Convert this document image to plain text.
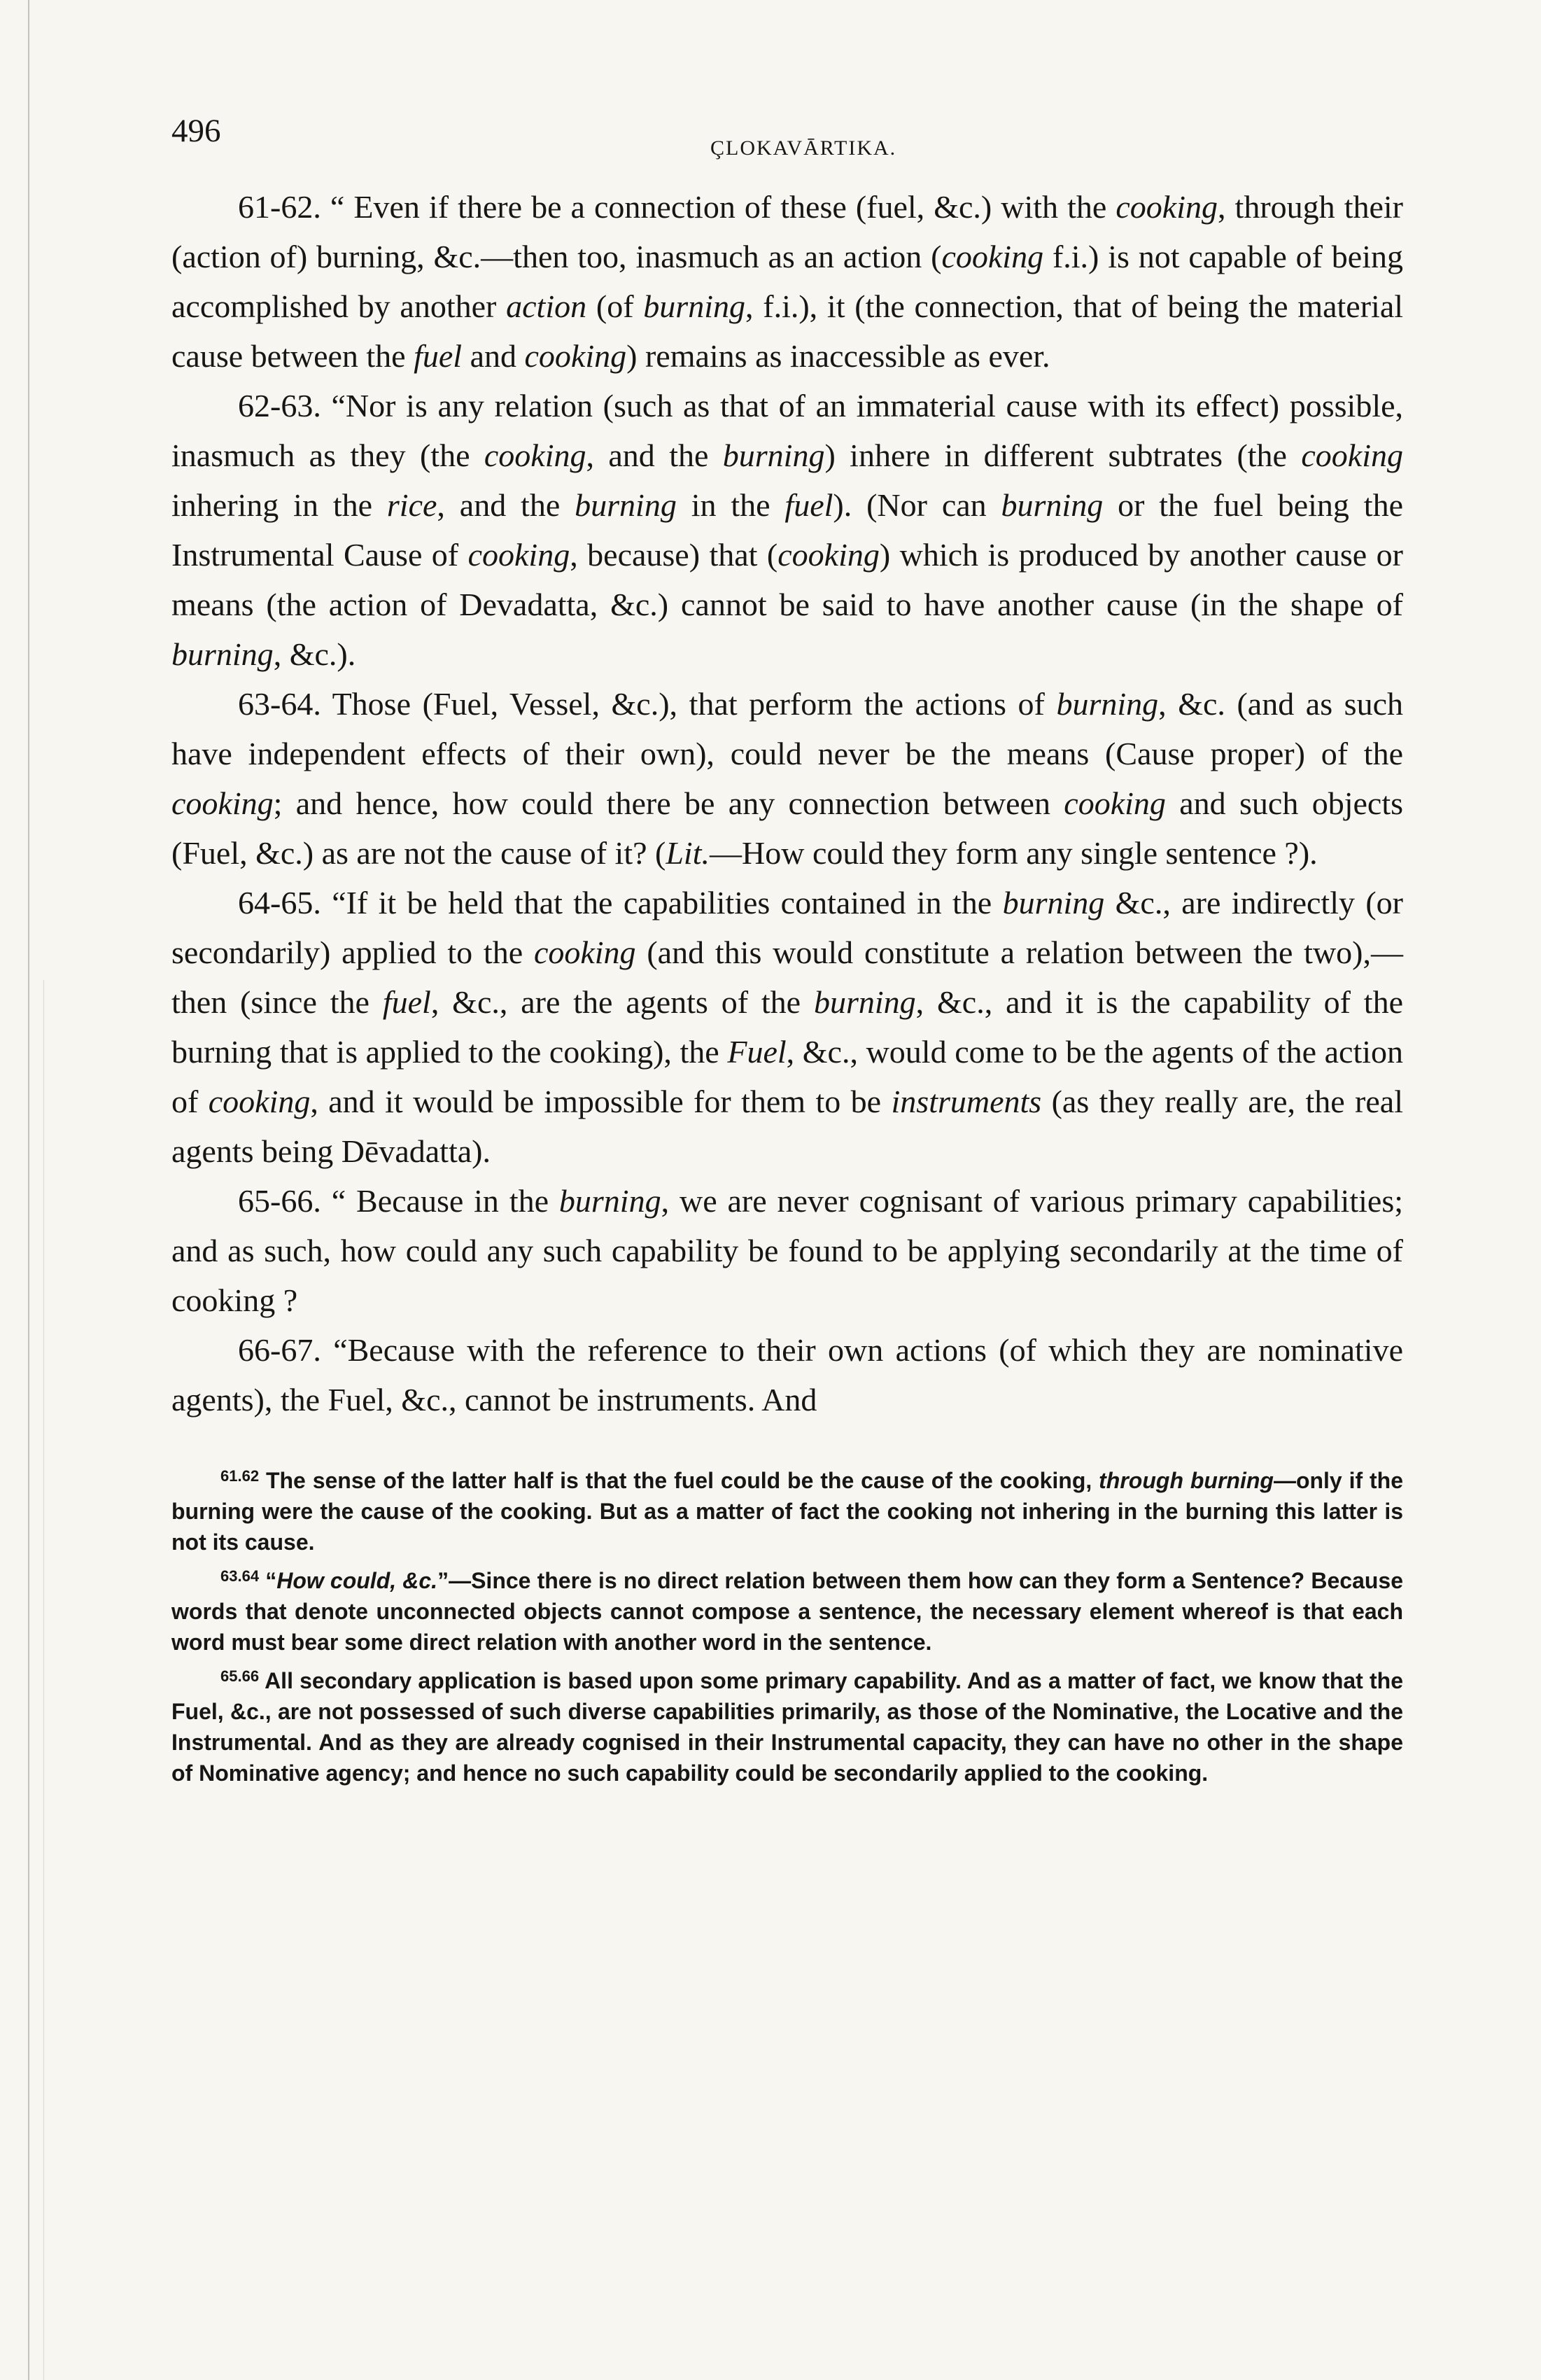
496	ÇLOKAVĀRTIKA.

61-62. “ Even if there be a connection of these (fuel, &c.) with the cooking, through their (action of) burning, &c.—then too, inasmuch as an action (cooking f.i.) is not capable of being accomplished by another action (of burning, f.i.), it (the connection, that of being the material cause between the fuel and cooking) remains as inaccessible as ever.

62-63. “Nor is any relation (such as that of an immaterial cause with its effect) possible, inasmuch as they (the cooking, and the burning) inhere in different subtrates (the cooking inhering in the rice, and the burning in the fuel). (Nor can burning or the fuel being the Instrumental Cause of cooking, because) that (cooking) which is produced by another cause or means (the action of Devadatta, &c.) cannot be said to have another cause (in the shape of burning, &c.).

63-64. Those (Fuel, Vessel, &c.), that perform the actions of burning, &c. (and as such have independent effects of their own), could never be the means (Cause proper) of the cooking; and hence, how could there be any connection between cooking and such objects (Fuel, &c.) as are not the cause of it? (Lit.—How could they form any single sentence ?).

64-65. “If it be held that the capabilities contained in the burning &c., are indirectly (or secondarily) applied to the cooking (and this would constitute a relation between the two),—then (since the fuel, &c., are the agents of the burning, &c., and it is the capability of the burning that is applied to the cooking), the Fuel, &c., would come to be the agents of the action of cooking, and it would be impossible for them to be instruments (as they really are, the real agents being Dēvadatta).

65-66. “ Because in the burning, we are never cognisant of various primary capabilities; and as such, how could any such capability be found to be applying secondarily at the time of cooking ?

66-67. “Because with the reference to their own actions (of which they are nominative agents), the Fuel, &c., cannot be instruments. And

$^{61.62}$ The sense of the latter half is that the fuel could be the cause of the cooking, through burning—only if the burning were the cause of the cooking. But as a matter of fact the cooking not inhering in the burning this latter is not its cause.

$^{63.64}$ “How could, &c.”—Since there is no direct relation between them how can they form a Sentence? Because words that denote unconnected objects cannot compose a sentence, the necessary element whereof is that each word must bear some direct relation with another word in the sentence.

$^{65.66}$ All secondary application is based upon some primary capability. And as a matter of fact, we know that the Fuel, &c., are not possessed of such diverse capabilities primarily, as those of the Nominative, the Locative and the Instrumental. And as they are already cognised in their Instrumental capacity, they can have no other in the shape of Nominative agency; and hence no such capability could be secondarily applied to the cooking.
